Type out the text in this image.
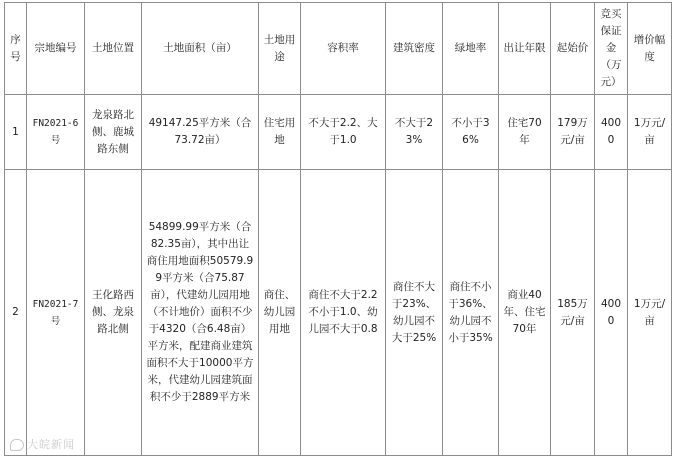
序号	宗地编号	土地位置	土地面积（亩）	土地用途	容积率	建筑密度	绿地率	出让年限	起始价	竞买保证金（万元）	增价幅度
1	FN2021-6号	龙泉路北侧、鹿城路东侧	49147.25平方米（合73.72亩）	住宅用地	不大于2.2、大于1.0	不大于23%	不小于36%	住宅70年	179万元/亩	4000	1万元/亩
2	FN2021-7号	王化路西侧、龙泉路北侧	54899.99平方米（合82.35亩），其中出让商住用地面积50579.99平方米（合75.87亩），代建幼儿园用地（不计地价）面积不少于4320（合6.48亩）平方米，配建商业建筑面积不大于10000平方米，代建幼儿园建筑面积不少于2889平方米	商住、幼儿园用地	商住不大于2.2不小于1.0、幼儿园不大于0.8	商住不大于23%、幼儿园不大于25%	商住不小于36%、幼儿园不小于35%	商业40年、住宅70年	185万元/亩	4000	1万元/亩
大皖新闻
